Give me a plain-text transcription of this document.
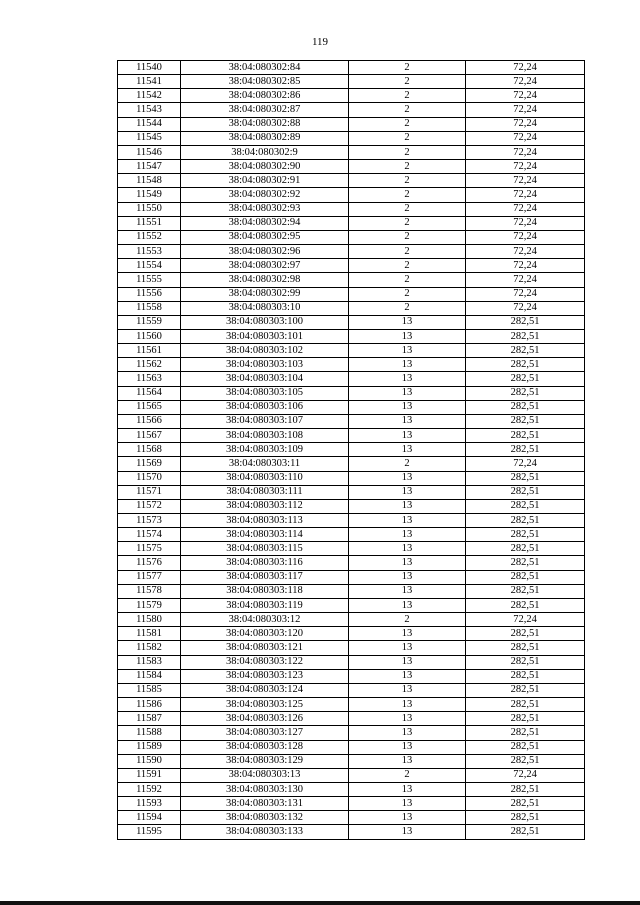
119
11540	38:04:080302:84	2	72,24
11541	38:04:080302:85	2	72,24
11542	38:04:080302:86	2	72,24
11543	38:04:080302:87	2	72,24
11544	38:04:080302:88	2	72,24
11545	38:04:080302:89	2	72,24
11546	38:04:080302:9	2	72,24
11547	38:04:080302:90	2	72,24
11548	38:04:080302:91	2	72,24
11549	38:04:080302:92	2	72,24
11550	38:04:080302:93	2	72,24
11551	38:04:080302:94	2	72,24
11552	38:04:080302:95	2	72,24
11553	38:04:080302:96	2	72,24
11554	38:04:080302:97	2	72,24
11555	38:04:080302:98	2	72,24
11556	38:04:080302:99	2	72,24
11558	38:04:080303:10	2	72,24
11559	38:04:080303:100	13	282,51
11560	38:04:080303:101	13	282,51
11561	38:04:080303:102	13	282,51
11562	38:04:080303:103	13	282,51
11563	38:04:080303:104	13	282,51
11564	38:04:080303:105	13	282,51
11565	38:04:080303:106	13	282,51
11566	38:04:080303:107	13	282,51
11567	38:04:080303:108	13	282,51
11568	38:04:080303:109	13	282,51
11569	38:04:080303:11	2	72,24
11570	38:04:080303:110	13	282,51
11571	38:04:080303:111	13	282,51
11572	38:04:080303:112	13	282,51
11573	38:04:080303:113	13	282,51
11574	38:04:080303:114	13	282,51
11575	38:04:080303:115	13	282,51
11576	38:04:080303:116	13	282,51
11577	38:04:080303:117	13	282,51
11578	38:04:080303:118	13	282,51
11579	38:04:080303:119	13	282,51
11580	38:04:080303:12	2	72,24
11581	38:04:080303:120	13	282,51
11582	38:04:080303:121	13	282,51
11583	38:04:080303:122	13	282,51
11584	38:04:080303:123	13	282,51
11585	38:04:080303:124	13	282,51
11586	38:04:080303:125	13	282,51
11587	38:04:080303:126	13	282,51
11588	38:04:080303:127	13	282,51
11589	38:04:080303:128	13	282,51
11590	38:04:080303:129	13	282,51
11591	38:04:080303:13	2	72,24
11592	38:04:080303:130	13	282,51
11593	38:04:080303:131	13	282,51
11594	38:04:080303:132	13	282,51
11595	38:04:080303:133	13	282,51
